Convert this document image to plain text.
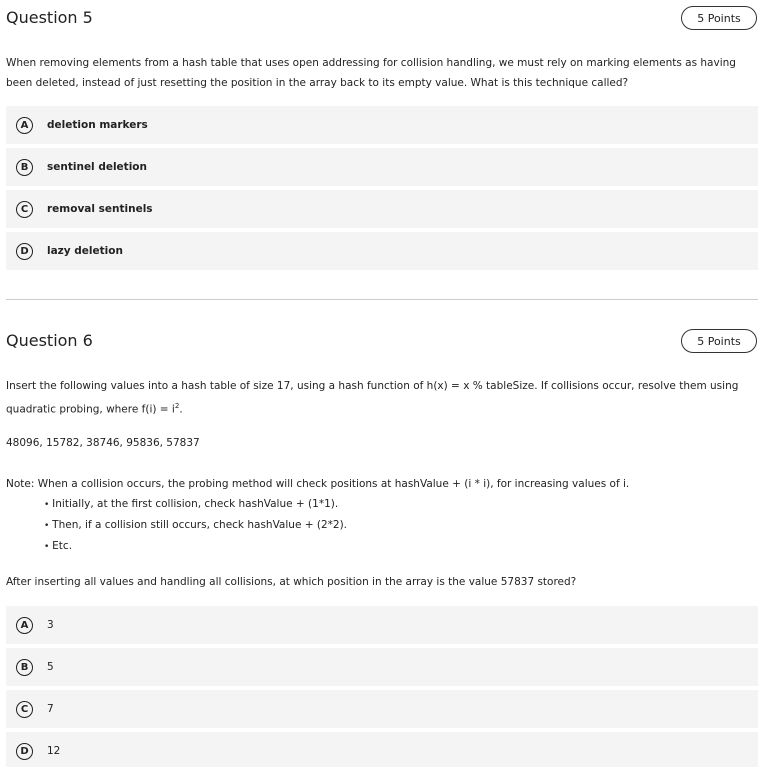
Question 5	5 Points
When removing elements from a hash table that uses open addressing for collision handling, we must rely on marking elements as having been deleted, instead of just resetting the position in the array back to its empty value. What is this technique called?
A	deletion markers
B	sentinel deletion
C	removal sentinels
D	lazy deletion
Question 6	5 Points
Insert the following values into a hash table of size 17, using a hash function of h(x) = x % tableSize. If collisions occur, resolve them using quadratic probing, where $f(i) = i^2$.
48096, 15782, 38746, 95836, 57837
Note: When a collision occurs, the probing method will check positions at hashValue + (i * i), for increasing values of i.
• Initially, at the first collision, check hashValue + (1*1).
• Then, if a collision still occurs, check hashValue + (2*2).
• Etc.
After inserting all values and handling all collisions, at which position in the array is the value 57837 stored?
A	3
B	5
C	7
D	12
